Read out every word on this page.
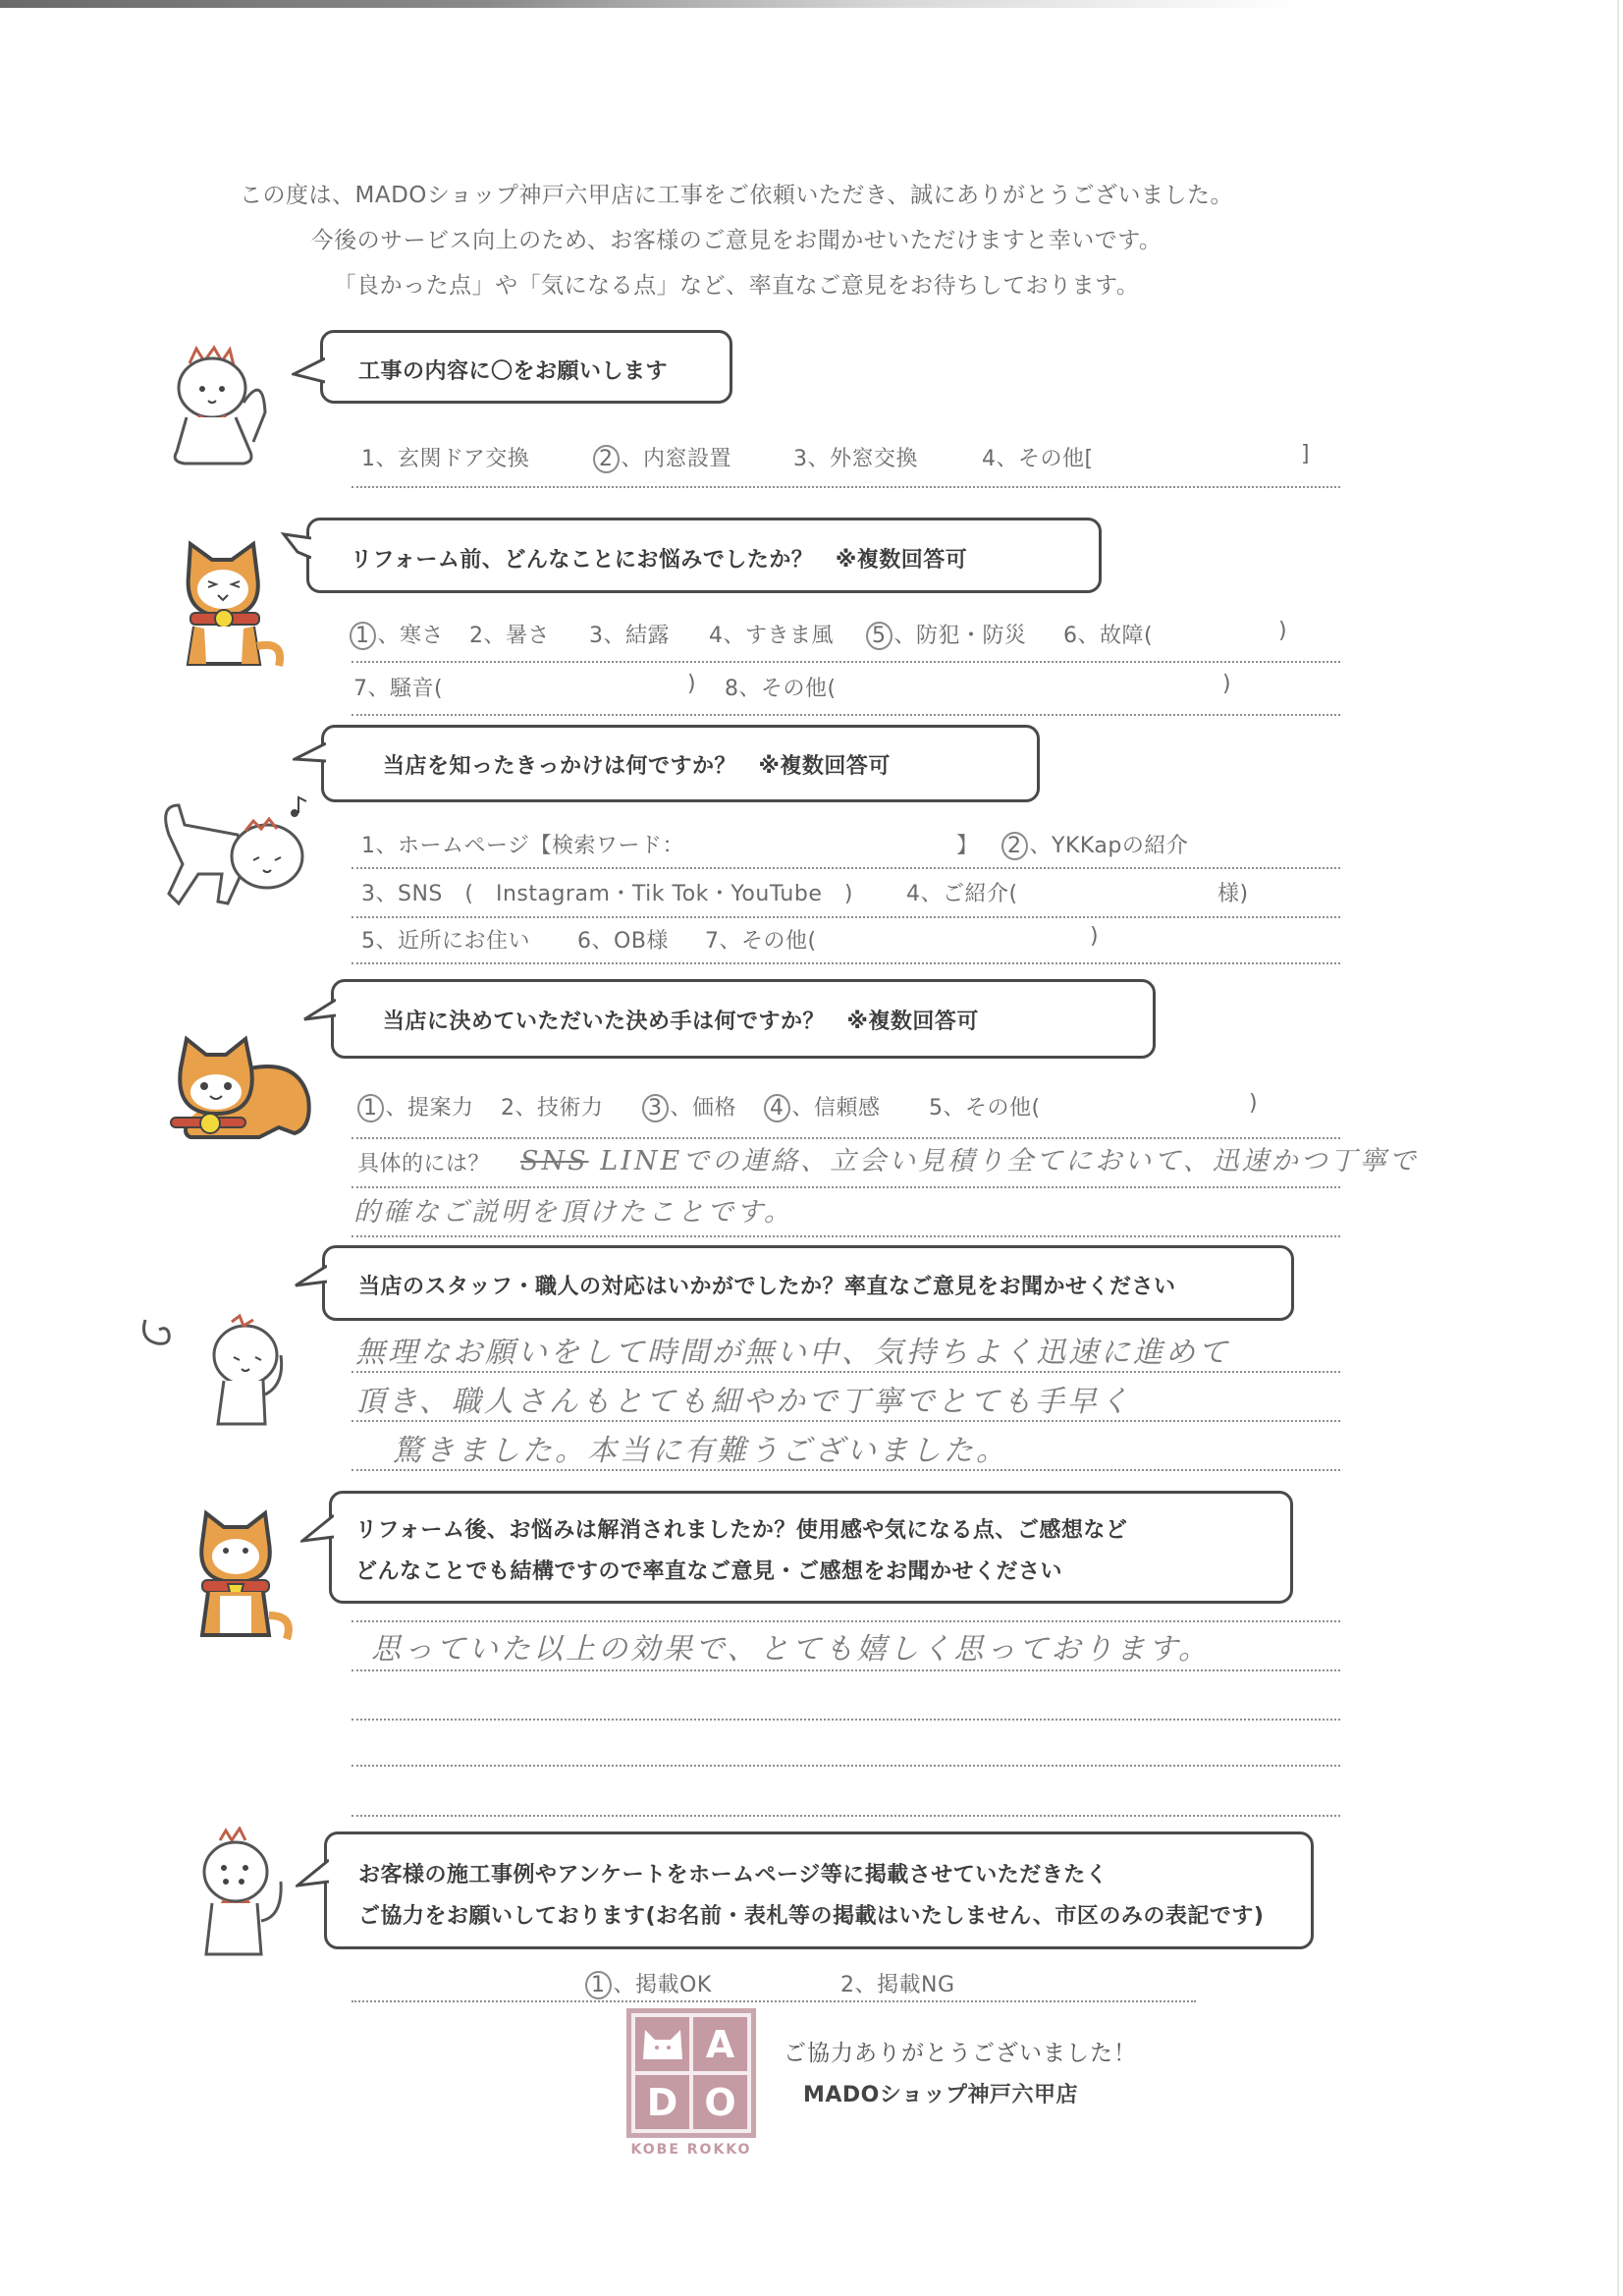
この度は、MADOショップ神戸六甲店に工事をご依頼いただき、誠にありがとうございました。
今後のサービス向上のため、お客様のご意見をお聞かせいただけますと幸いです。
「良かった点」や「気になる点」など、率直なご意見をお待ちしております。
工事の内容に〇をお願いします
1、玄関ドア交換	2 、内窓設置	3、外窓交換	4、その他[	]
リフォーム前、どんなことにお悩みでしたか？　※複数回答可
1 、寒さ 2、暑さ 3、結露 4、すきま風 5 、防犯・防災 6、故障(	)
7、騒音(	) 8、その他(	)
当店を知ったきっかけは何ですか？　※複数回答可
1、ホームページ【検索ワード：	】 2 、YKKapの紹介
3、SNS　(　Instagram・Tik Tok・YouTube　) 4、ご紹介(	様)
5、近所にお住い 6、OB様 7、その他(	)
当店に決めていただいた決め手は何ですか？　※複数回答可
1 、提案力 2、技術力 3 、価格 4 、信頼感 5、その他(	)
具体的には？ SNS LINEでの連絡、立会い見積り全てにおいて、迅速かつ丁寧で
的確なご説明を頂けたことです。
当店のスタッフ・職人の対応はいかがでしたか？率直なご意見をお聞かせください
無理なお願いをして時間が無い中、気持ちよく迅速に進めて
頂き、職人さんもとても細やかで丁寧でとても手早く
驚きました。本当に有難うございました。
リフォーム後、お悩みは解消されましたか？使用感や気になる点、ご感想など
どんなことでも結構ですので率直なご意見・ご感想をお聞かせください
思っていた以上の効果で、とても嬉しく思っております。
お客様の施工事例やアンケートをホームページ等に掲載させていただきたく
ご協力をお願いしております(お名前・表札等の掲載はいたしません、市区のみの表記です)
1 、掲載OK	2、掲載NG
A
D O
KOBE ROKKO
ご協力ありがとうございました！
MADOショップ神戸六甲店
